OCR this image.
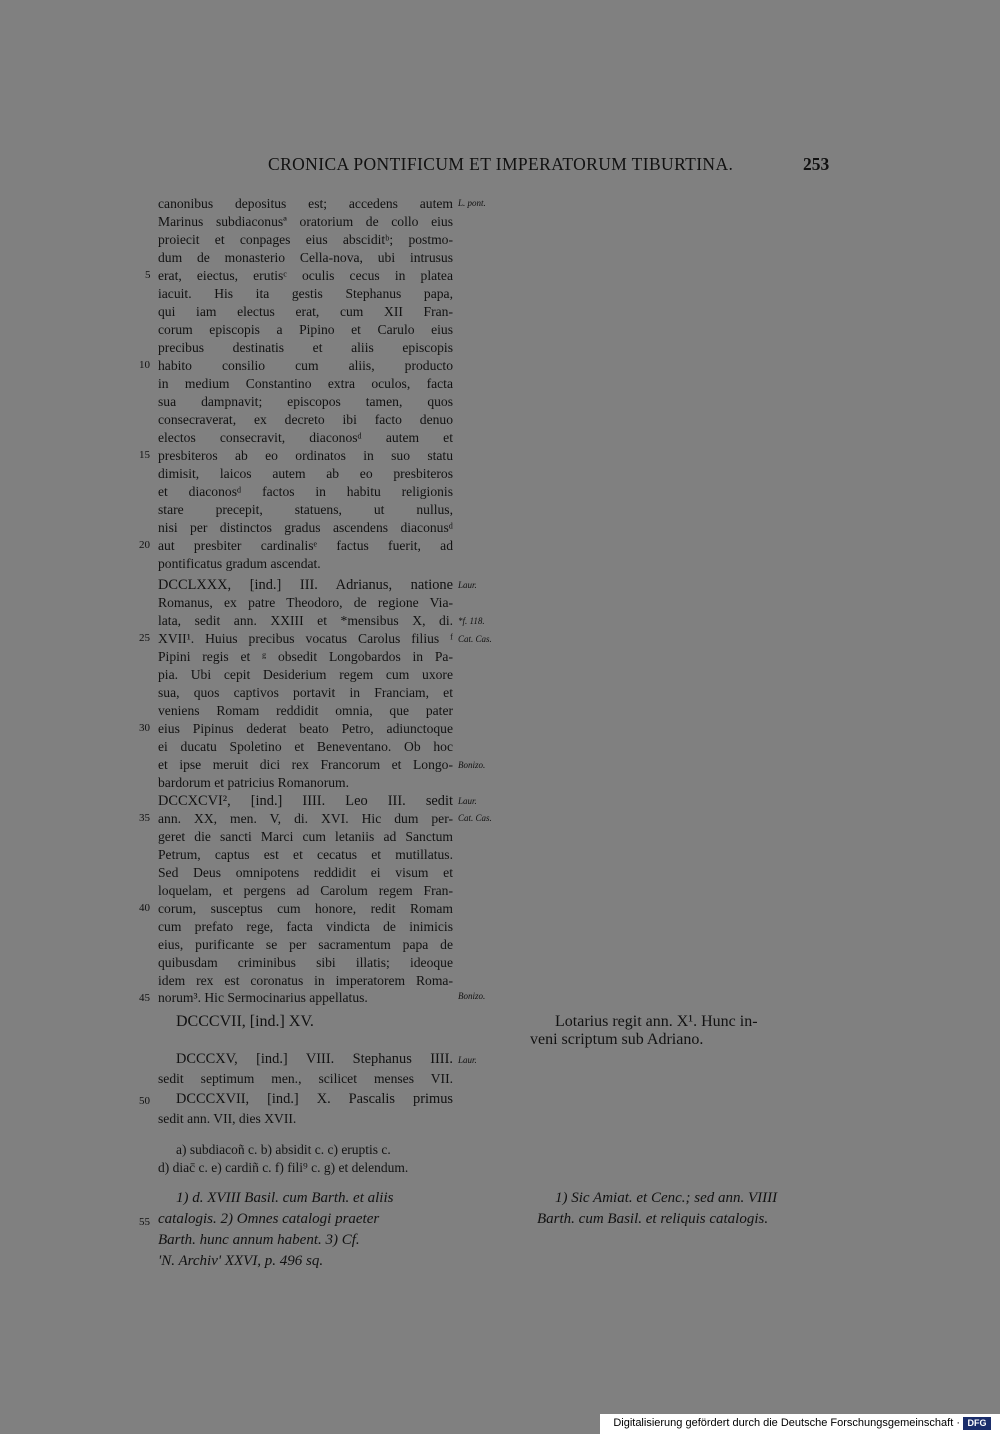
CRONICA PONTIFICUM ET IMPERATORUM TIBURTINA.	253
canonibus depositus est; accedens autem
Marinus subdiaconusª oratorium de collo eius
proiecit et conpages eius absciditᵇ; postmo-
dum de monasterio Cella-nova, ubi intrusus
erat, eiectus, erutisᶜ oculis cecus in platea
iacuit. His ita gestis Stephanus papa,
qui iam electus erat, cum XII Fran-
corum episcopis a Pipino et Carulo eius
precibus destinatis et aliis episcopis
habito consilio cum aliis, producto
in medium Constantino extra oculos, facta
sua dampnavit; episcopos tamen, quos
consecraverat, ex decreto ibi facto denuo
electos consecravit, diaconosᵈ autem et
presbiteros ab eo ordinatos in suo statu
dimisit, laicos autem ab eo presbiteros
et diaconosᵈ factos in habitu religionis
stare precepit, statuens, ut nullus,
nisi per distinctos gradus ascendens diaconusᵈ
aut presbiter cardinalisᵉ factus fuerit, ad
pontificatus gradum ascendat.
DCCLXXX, [ind.] III. Adrianus, natione
Romanus, ex patre Theodoro, de regione Via-
lata, sedit ann. XXIII et *mensibus X, di.
XVII¹. Huius precibus vocatus Carolus filius ᶠ
Pipini regis et ᵍ obsedit Longobardos in Pa-
pia. Ubi cepit Desiderium regem cum uxore
sua, quos captivos portavit in Franciam, et
veniens Romam reddidit omnia, que pater
eius Pipinus dederat beato Petro, adiunctoque
ei ducatu Spoletino et Beneventano. Ob hoc
et ipse meruit dici rex Francorum et Longo-
bardorum et patricius Romanorum.
DCCXCVI², [ind.] IIII. Leo III. sedit
ann. XX, men. V, di. XVI. Hic dum per-
geret die sancti Marci cum letaniis ad Sanctum
Petrum, captus est et cecatus et mutillatus.
Sed Deus omnipotens reddidit ei visum et
loquelam, et pergens ad Carolum regem Fran-
corum, susceptus cum honore, redit Romam
cum prefato rege, facta vindicta de inimicis
eius, purificante se per sacramentum papa de
quibusdam criminibus sibi illatis; ideoque
idem rex est coronatus in imperatorem Roma-
norum³. Hic Sermocinarius appellatus.
5
10
15
20
25
30
35
40
45
50
55
L. pont.
Laur.
*f. 118.
Cat. Cas.
Bonizo.
Laur.
Cat. Cas.
Bonizo.
Laur.
DCCCVII, [ind.] XV.	Lotarius regit ann. X¹. Hunc in-
veni scriptum sub Adriano.
DCCCXV, [ind.] VIII. Stephanus IIII.
sedit septimum men., scilicet menses VII.
DCCCXVII, [ind.] X. Pascalis primus
sedit ann. VII, dies XVII.
a) subdiacoñ c. b) absidit c. c) eruptis c.
d) diac̄ c. e) cardiñ c. f) fili⁹ c. g) et delendum.
1) d. XVIII Basil. cum Barth. et aliis
catalogis. 2) Omnes catalogi praeter
Barth. hunc annum habent. 3) Cf.
'N. Archiv' XXVI, p. 496 sq.
1) Sic Amiat. et Cenc.; sed ann. VIIII
Barth. cum Basil. et reliquis catalogis.
Digitalisierung gefördert durch die Deutsche Forschungsgemeinschaft · DFG
